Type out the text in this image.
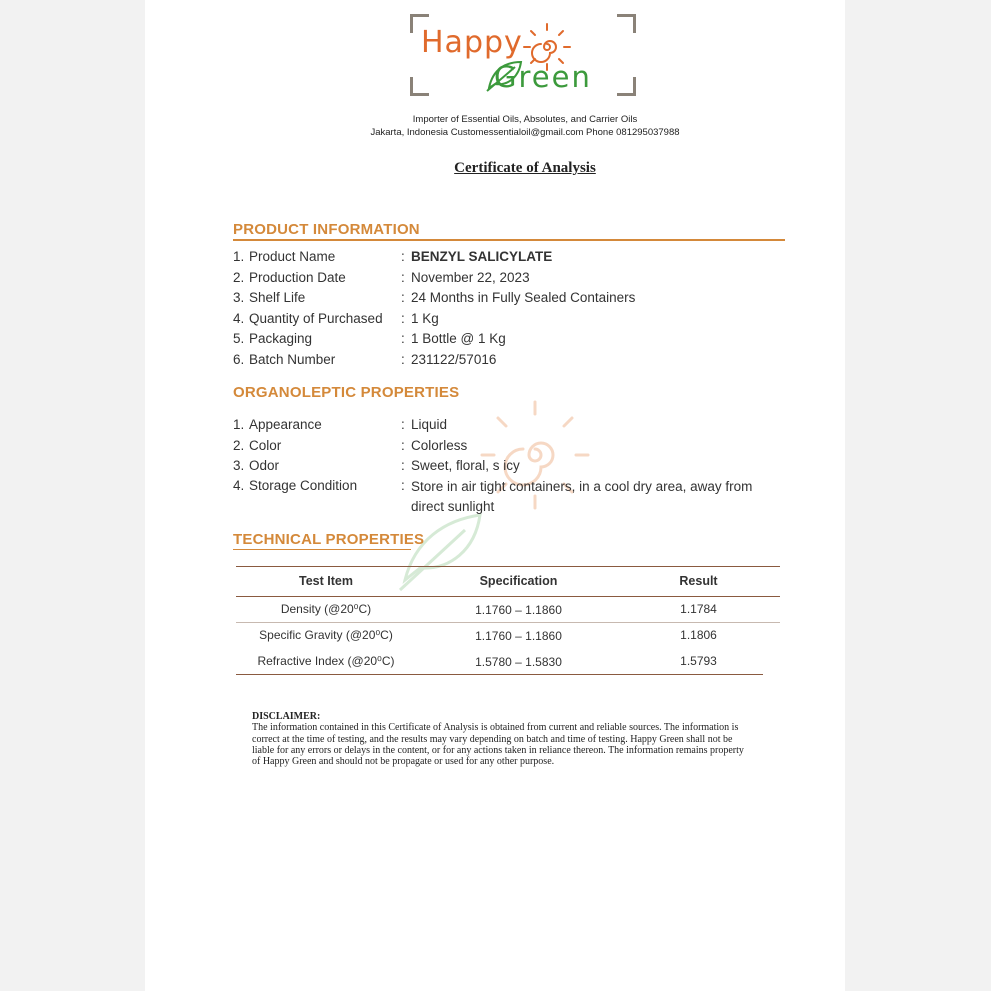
Happy
Green
Importer of Essential Oils, Absolutes, and Carrier Oils
Jakarta, Indonesia Customessentialoil@gmail.com Phone 081295037988
Certificate of Analysis
PRODUCT INFORMATION
1. Product Name	: BENZYL SALICYLATE
2. Production Date	: November 22, 2023
3. Shelf Life	: 24 Months in Fully Sealed Containers
4. Quantity of Purchased : 1 Kg
5. Packaging	: 1 Bottle @ 1 Kg
6. Batch Number	: 231122/57016
ORGANOLEPTIC PROPERTIES
1. Appearance	: Liquid
2. Color	: Colorless
3. Odor	: Sweet, floral, s icy
4. Storage Condition	: Store in air tight containers, in a cool dry area, away from direct sunlight
TECHNICAL PROPERTIES
Test Item	Specification	Result
Density (@20⁰C)	1.1760 – 1.1860	1.1784
Specific Gravity (@20⁰C)	1.1760 – 1.1860	1.1806
Refractive Index (@20⁰C)	1.5780 – 1.5830	1.5793
DISCLAIMER:
The information contained in this Certificate of Analysis is obtained from current and reliable sources. The information is correct at the time of testing, and the results may vary depending on batch and time of testing. Happy Green shall not be liable for any errors or delays in the content, or for any actions taken in reliance thereon. The information remains property of Happy Green and should not be propagate or used for any other purpose.
